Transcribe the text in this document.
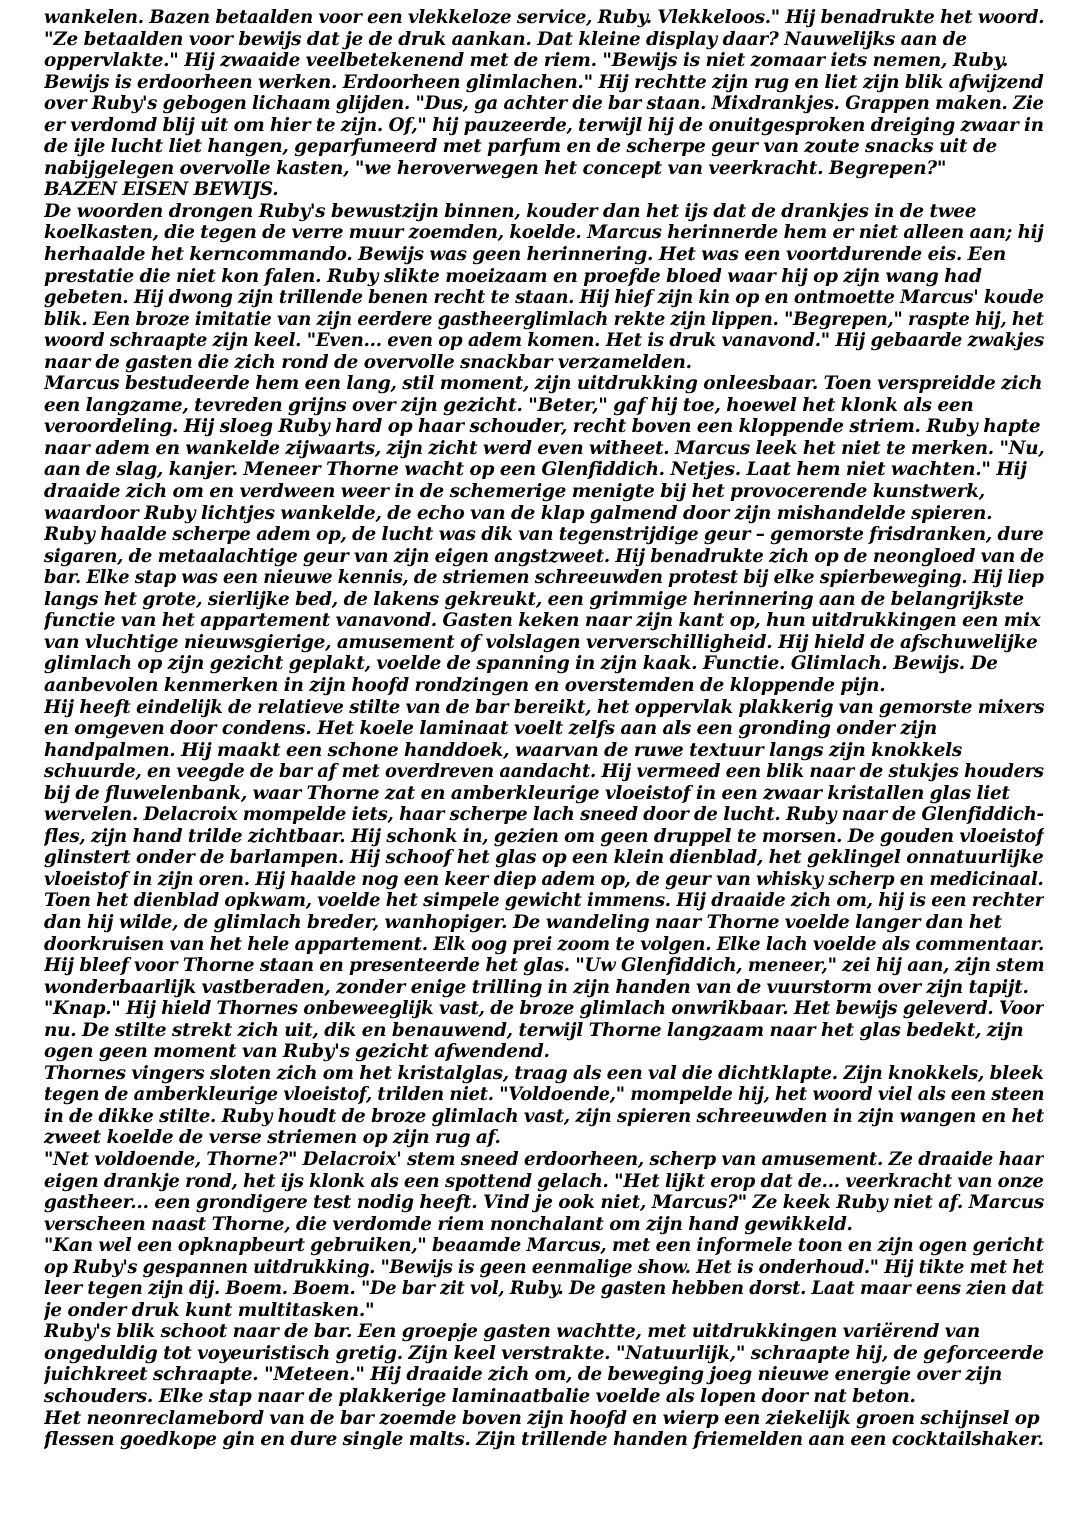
wankelen. Bazen betaalden voor een vlekkeloze service, Ruby. Vlekkeloos." Hij benadrukte het woord.
"Ze betaalden voor bewijs dat je de druk aankan. Dat kleine display daar? Nauwelijks aan de
oppervlakte." Hij zwaaide veelbetekenend met de riem. "Bewijs is niet zomaar iets nemen, Ruby.
Bewijs is erdoorheen werken. Erdoorheen glimlachen." Hij rechtte zijn rug en liet zijn blik afwijzend
over Ruby's gebogen lichaam glijden. "Dus, ga achter die bar staan. Mixdrankjes. Grappen maken. Zie
er verdomd blij uit om hier te zijn. Of," hij pauzeerde, terwijl hij de onuitgesproken dreiging zwaar in
de ijle lucht liet hangen, geparfumeerd met parfum en de scherpe geur van zoute snacks uit de
nabijgelegen overvolle kasten, "we heroverwegen het concept van veerkracht. Begrepen?"
BAZEN EISEN BEWIJS.
De woorden drongen Ruby's bewustzijn binnen, kouder dan het ijs dat de drankjes in de twee
koelkasten, die tegen de verre muur zoemden, koelde. Marcus herinnerde hem er niet alleen aan; hij
herhaalde het kerncommando. Bewijs was geen herinnering. Het was een voortdurende eis. Een
prestatie die niet kon falen. Ruby slikte moeizaam en proefde bloed waar hij op zijn wang had
gebeten. Hij dwong zijn trillende benen recht te staan. Hij hief zijn kin op en ontmoette Marcus' koude
blik. Een broze imitatie van zijn eerdere gastheerglimlach rekte zijn lippen. "Begrepen," raspte hij, het
woord schraapte zijn keel. "Even... even op adem komen. Het is druk vanavond." Hij gebaarde zwakjes
naar de gasten die zich rond de overvolle snackbar verzamelden.
Marcus bestudeerde hem een lang, stil moment, zijn uitdrukking onleesbaar. Toen verspreidde zich
een langzame, tevreden grijns over zijn gezicht. "Beter," gaf hij toe, hoewel het klonk als een
veroordeling. Hij sloeg Ruby hard op haar schouder, recht boven een kloppende striem. Ruby hapte
naar adem en wankelde zijwaarts, zijn zicht werd even witheet. Marcus leek het niet te merken. "Nu,
aan de slag, kanjer. Meneer Thorne wacht op een Glenfiddich. Netjes. Laat hem niet wachten." Hij
draaide zich om en verdween weer in de schemerige menigte bij het provocerende kunstwerk,
waardoor Ruby lichtjes wankelde, de echo van de klap galmend door zijn mishandelde spieren.
Ruby haalde scherpe adem op, de lucht was dik van tegenstrijdige geur – gemorste frisdranken, dure
sigaren, de metaalachtige geur van zijn eigen angstzweet. Hij benadrukte zich op de neongloed van de
bar. Elke stap was een nieuwe kennis, de striemen schreeuwden protest bij elke spierbeweging. Hij liep
langs het grote, sierlijke bed, de lakens gekreukt, een grimmige herinnering aan de belangrijkste
functie van het appartement vanavond. Gasten keken naar zijn kant op, hun uitdrukkingen een mix
van vluchtige nieuwsgierige, amusement of volslagen ververschilligheid. Hij hield de afschuwelijke
glimlach op zijn gezicht geplakt, voelde de spanning in zijn kaak. Functie. Glimlach. Bewijs. De
aanbevolen kenmerken in zijn hoofd rondzingen en overstemden de kloppende pijn.
Hij heeft eindelijk de relatieve stilte van de bar bereikt, het oppervlak plakkerig van gemorste mixers
en omgeven door condens. Het koele laminaat voelt zelfs aan als een gronding onder zijn
handpalmen. Hij maakt een schone handdoek, waarvan de ruwe textuur langs zijn knokkels
schuurde, en veegde de bar af met overdreven aandacht. Hij vermeed een blik naar de stukjes houders
bij de fluwelenbank, waar Thorne zat en amberkleurige vloeistof in een zwaar kristallen glas liet
wervelen. Delacroix mompelde iets, haar scherpe lach sneed door de lucht. Ruby naar de Glenfiddich-
fles, zijn hand trilde zichtbaar. Hij schonk in, gezien om geen druppel te morsen. De gouden vloeistof
glinstert onder de barlampen. Hij schoof het glas op een klein dienblad, het geklingel onnatuurlijke
vloeistof in zijn oren. Hij haalde nog een keer diep adem op, de geur van whisky scherp en medicinaal.
Toen het dienblad opkwam, voelde het simpele gewicht immens. Hij draaide zich om, hij is een rechter
dan hij wilde, de glimlach breder, wanhopiger. De wandeling naar Thorne voelde langer dan het
doorkruisen van het hele appartement. Elk oog prei zoom te volgen. Elke lach voelde als commentaar.
Hij bleef voor Thorne staan en presenteerde het glas. "Uw Glenfiddich, meneer," zei hij aan, zijn stem
wonderbaarlijk vastberaden, zonder enige trilling in zijn handen van de vuurstorm over zijn tapijt.
"Knap." Hij hield Thornes onbeweeglijk vast, de broze glimlach onwrikbaar. Het bewijs geleverd. Voor
nu. De stilte strekt zich uit, dik en benauwend, terwijl Thorne langzaam naar het glas bedekt, zijn
ogen geen moment van Ruby's gezicht afwendend.
Thornes vingers sloten zich om het kristalglas, traag als een val die dichtklapte. Zijn knokkels, bleek
tegen de amberkleurige vloeistof, trilden niet. "Voldoende," mompelde hij, het woord viel als een steen
in de dikke stilte. Ruby houdt de broze glimlach vast, zijn spieren schreeuwden in zijn wangen en het
zweet koelde de verse striemen op zijn rug af.
"Net voldoende, Thorne?" Delacroix' stem sneed erdoorheen, scherp van amusement. Ze draaide haar
eigen drankje rond, het ijs klonk als een spottend gelach. "Het lijkt erop dat de... veerkracht van onze
gastheer... een grondigere test nodig heeft. Vind je ook niet, Marcus?" Ze keek Ruby niet af. Marcus
verscheen naast Thorne, die verdomde riem nonchalant om zijn hand gewikkeld.
"Kan wel een opknapbeurt gebruiken," beaamde Marcus, met een informele toon en zijn ogen gericht
op Ruby's gespannen uitdrukking. "Bewijs is geen eenmalige show. Het is onderhoud." Hij tikte met het
leer tegen zijn dij. Boem. Boem. "De bar zit vol, Ruby. De gasten hebben dorst. Laat maar eens zien dat
je onder druk kunt multitasken."
Ruby's blik schoot naar de bar. Een groepje gasten wachtte, met uitdrukkingen variërend van
ongeduldig tot voyeuristisch gretig. Zijn keel verstrakte. "Natuurlijk," schraapte hij, de geforceerde
juichkreet schraapte. "Meteen." Hij draaide zich om, de beweging joeg nieuwe energie over zijn
schouders. Elke stap naar de plakkerige laminaatbalie voelde als lopen door nat beton.
Het neonreclamebord van de bar zoemde boven zijn hoofd en wierp een ziekelijk groen schijnsel op
flessen goedkope gin en dure single malts. Zijn trillende handen friemelden aan een cocktailshaker.
